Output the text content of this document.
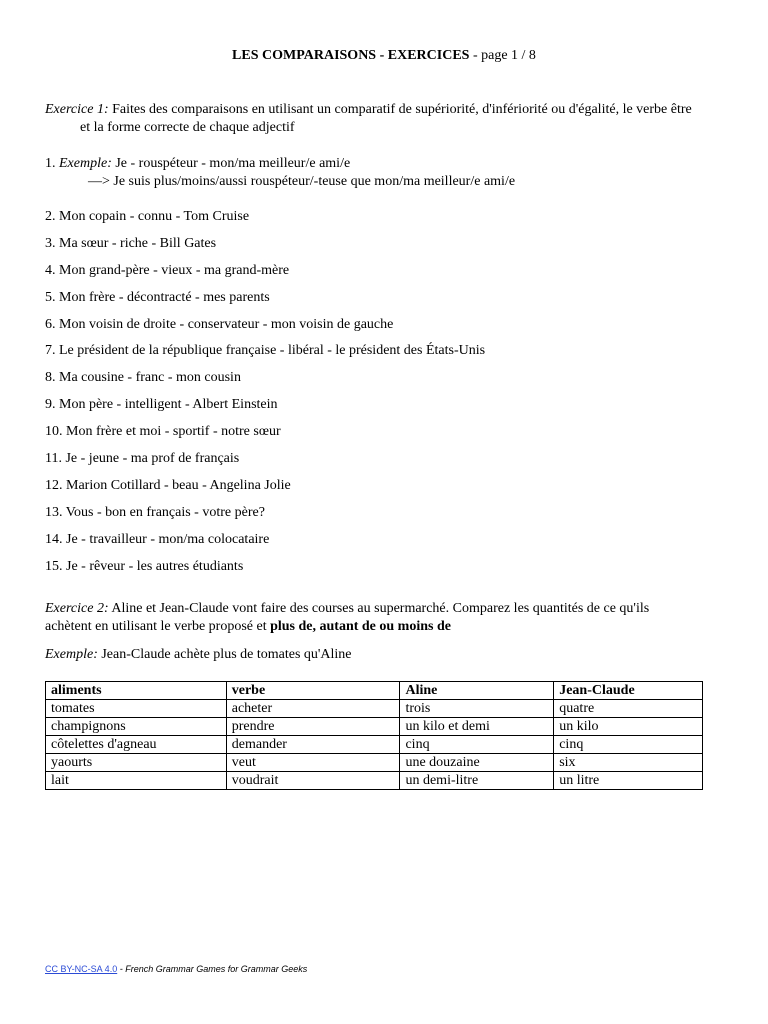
LES COMPARAISONS - EXERCICES - page 1 / 8
Exercice 1: Faites des comparaisons en utilisant un comparatif de supériorité, d'infériorité ou d'égalité, le verbe être
et la forme correcte de chaque adjectif
1. Exemple: Je - rouspéteur - mon/ma meilleur/e ami/e
—> Je suis plus/moins/aussi rouspéteur/-teuse que mon/ma meilleur/e ami/e
2. Mon copain - connu - Tom Cruise
3. Ma sœur - riche - Bill Gates
4. Mon grand-père - vieux - ma grand-mère
5. Mon frère - décontracté - mes parents
6. Mon voisin de droite - conservateur - mon voisin de gauche
7. Le président de la république française - libéral - le président des États-Unis
8. Ma cousine - franc - mon cousin
9. Mon père - intelligent - Albert Einstein
10. Mon frère et moi - sportif - notre sœur
11. Je - jeune - ma prof de français
12. Marion Cotillard - beau - Angelina Jolie
13. Vous - bon en français - votre père?
14. Je - travailleur - mon/ma colocataire
15. Je - rêveur - les autres étudiants
Exercice 2: Aline et Jean-Claude vont faire des courses au supermarché. Comparez les quantités de ce qu'ils
achètent en utilisant le verbe proposé et plus de, autant de ou moins de
Exemple: Jean-Claude achète plus de tomates qu'Aline
aliments	verbe	Aline	Jean-Claude
tomates	acheter	trois	quatre
champignons	prendre	un kilo et demi	un kilo
côtelettes d'agneau	demander	cinq	cinq
yaourts	veut	une douzaine	six
lait	voudrait	un demi-litre	un litre
CC BY-NC-SA 4.0 - French Grammar Games for Grammar Geeks
